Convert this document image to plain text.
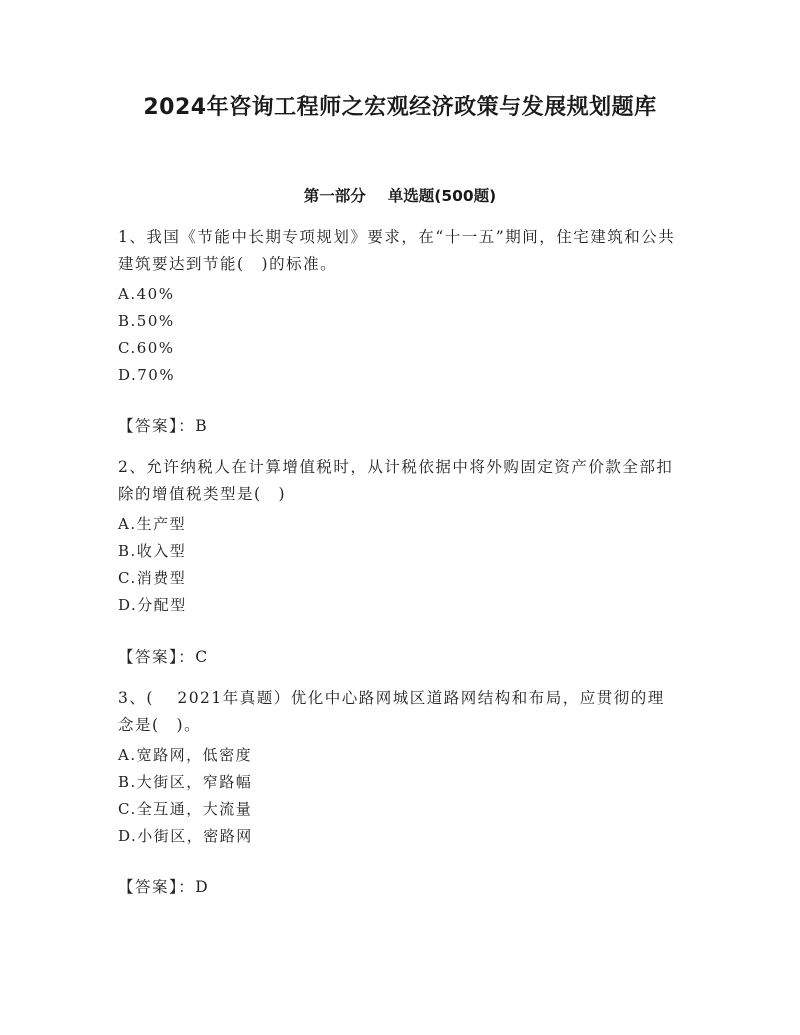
2024年咨询工程师之宏观经济政策与发展规划题库
第一部分 单选题(500题)

1、我国《节能中长期专项规划》要求，在“十一五”期间，住宅建筑和公共建筑要达到节能(　)的标准。

A.40%

B.50%

C.60%

D.70%

【答案】：B

2、允许纳税人在计算增值税时，从计税依据中将外购固定资产价款全部扣除的增值税类型是(　)

A.生产型

B.收入型

C.消费型

D.分配型

【答案】：C

3、(　 2021年真题）优化中心路网城区道路网结构和布局，应贯彻的理念是(　)。

A.宽路网，低密度

B.大街区，窄路幅

C.全互通，大流量

D.小街区，密路网

【答案】：D
